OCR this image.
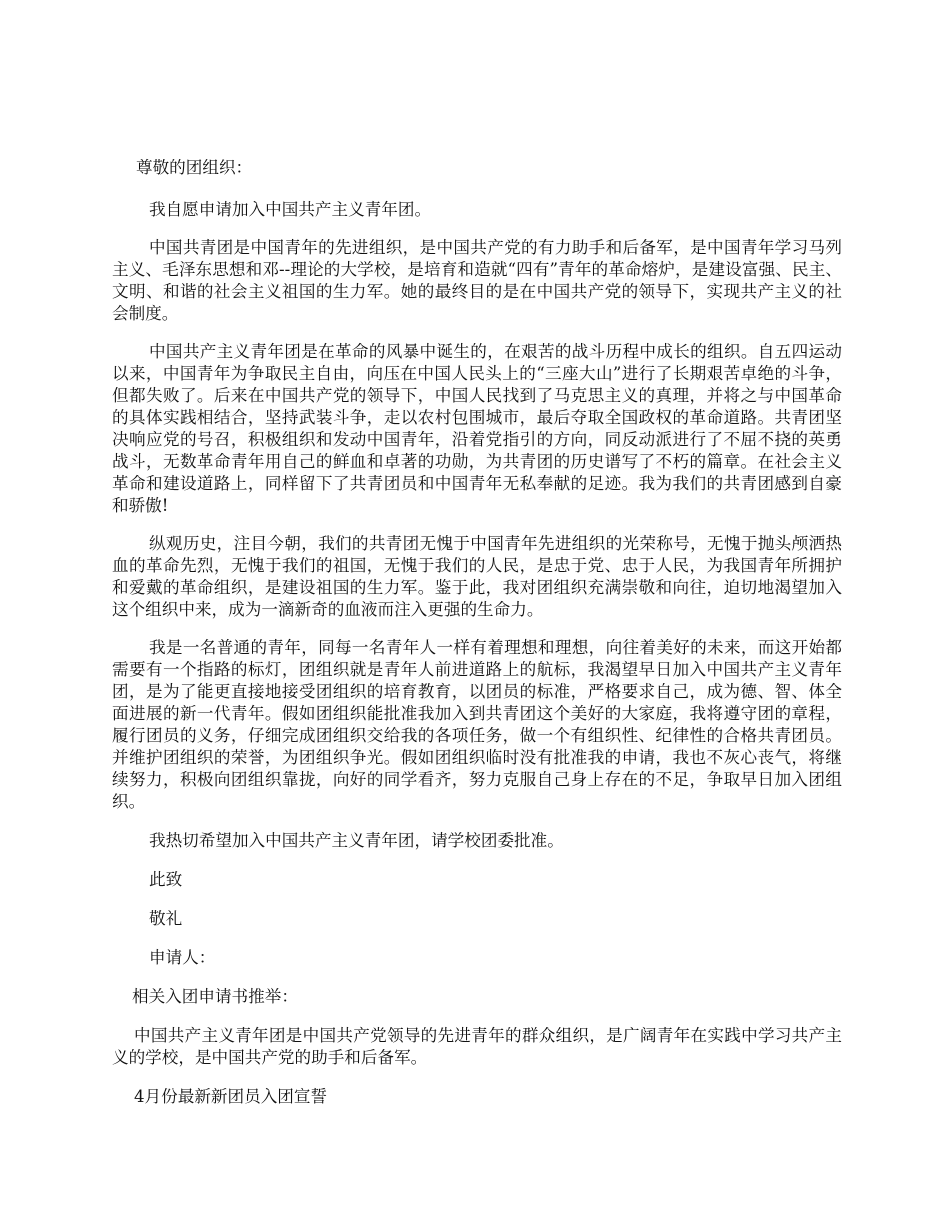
尊敬的团组织：

我自愿申请加入中国共产主义青年团。

中国共青团是中国青年的先进组织，是中国共产党的有力助手和后备军，是中国青年学习马列主义、毛泽东思想和邓--理论的大学校，是培育和造就“四有”青年的革命熔炉，是建设富强、民主、文明、和谐的社会主义祖国的生力军。她的最终目的是在中国共产党的领导下，实现共产主义的社会制度。

中国共产主义青年团是在革命的风暴中诞生的，在艰苦的战斗历程中成长的组织。自五四运动以来，中国青年为争取民主自由，向压在中国人民头上的“三座大山”进行了长期艰苦卓绝的斗争，但都失败了。后来在中国共产党的领导下，中国人民找到了马克思主义的真理，并将之与中国革命的具体实践相结合，坚持武装斗争，走以农村包围城市，最后夺取全国政权的革命道路。共青团坚决响应党的号召，积极组织和发动中国青年，沿着党指引的方向，同反动派进行了不屈不挠的英勇战斗，无数革命青年用自己的鲜血和卓著的功勋，为共青团的历史谱写了不朽的篇章。在社会主义革命和建设道路上，同样留下了共青团员和中国青年无私奉献的足迹。我为我们的共青团感到自豪和骄傲!

纵观历史，注目今朝，我们的共青团无愧于中国青年先进组织的光荣称号，无愧于抛头颅洒热血的革命先烈，无愧于我们的祖国，无愧于我们的人民，是忠于党、忠于人民，为我国青年所拥护和爱戴的革命组织，是建设祖国的生力军。鉴于此，我对团组织充满崇敬和向往，迫切地渴望加入这个组织中来，成为一滴新奇的血液而注入更强的生命力。

我是一名普通的青年，同每一名青年人一样有着理想和理想，向往着美好的未来，而这开始都需要有一个指路的标灯，团组织就是青年人前进道路上的航标，我渴望早日加入中国共产主义青年团，是为了能更直接地接受团组织的培育教育，以团员的标准，严格要求自己，成为德、智、体全面进展的新一代青年。假如团组织能批准我加入到共青团这个美好的大家庭，我将遵守团的章程，履行团员的义务，仔细完成团组织交给我的各项任务，做一个有组织性、纪律性的合格共青团员。并维护团组织的荣誉，为团组织争光。假如团组织临时没有批准我的申请，我也不灰心丧气，将继续努力，积极向团组织靠拢，向好的同学看齐，努力克服自己身上存在的不足，争取早日加入团组织。

我热切希望加入中国共产主义青年团，请学校团委批准。

此致

敬礼

申请人：

相关入团申请书推举：

中国共产主义青年团是中国共产党领导的先进青年的群众组织，是广阔青年在实践中学习共产主义的学校，是中国共产党的助手和后备军。

4月份最新新团员入团宣誓
